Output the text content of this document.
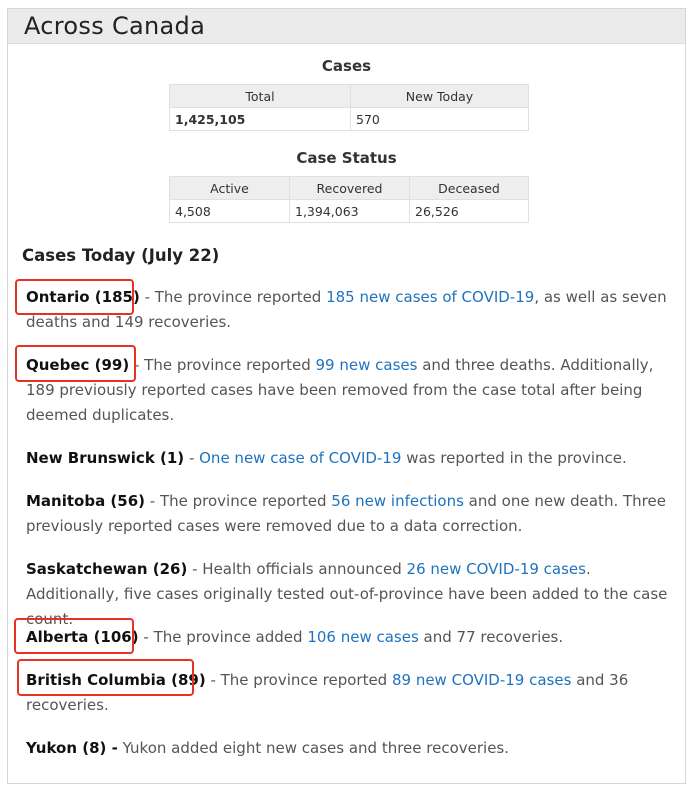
Across Canada
Cases
Total	New Today
1,425,105	570
Case Status
Active	Recovered	Deceased
4,508	1,394,063	26,526
Cases Today (July 22)

Ontario (185) - The province reported 185 new cases of COVID-19, as well as seven deaths and 149 recoveries.

Quebec (99) - The province reported 99 new cases and three deaths. Additionally, 189 previously reported cases have been removed from the case total after being deemed duplicates.

New Brunswick (1) - One new case of COVID-19 was reported in the province.

Manitoba (56) - The province reported 56 new infections and one new death. Three previously reported cases were removed due to a data correction.

Saskatchewan (26) - Health officials announced 26 new COVID-19 cases. Additionally, five cases originally tested out-of-province have been added to the case count.

Alberta (106) - The province added 106 new cases and 77 recoveries.

British Columbia (89) - The province reported 89 new COVID-19 cases and 36 recoveries.

Yukon (8) - Yukon added eight new cases and three recoveries.
